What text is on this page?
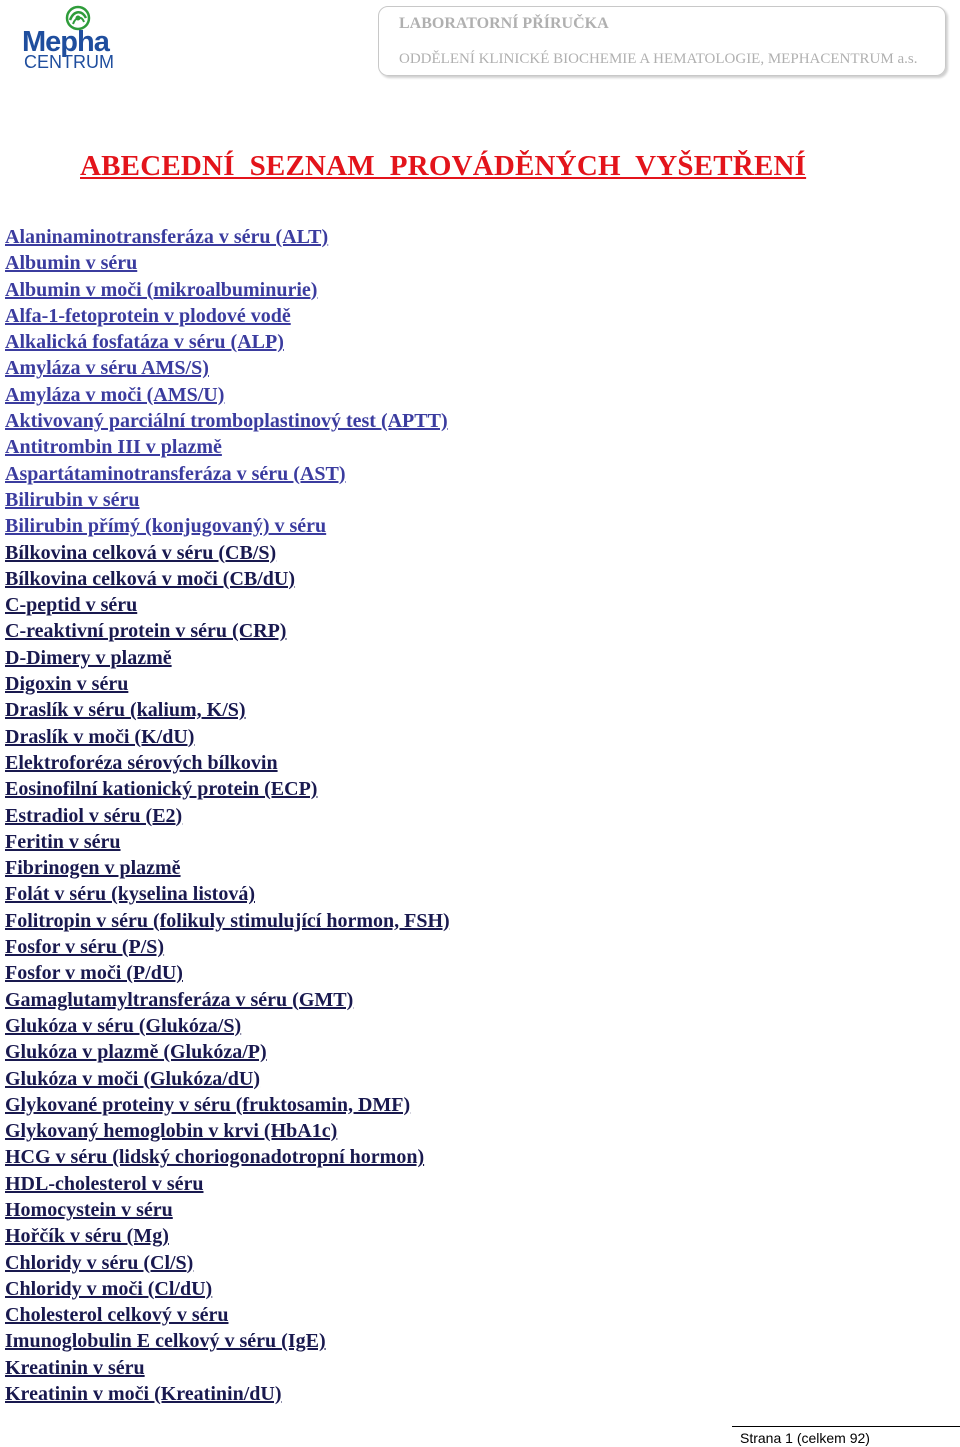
Mepha
CENTRUM
LABORATORNÍ PŘÍRUČKA
ODDĚLENÍ KLINICKÉ BIOCHEMIE A HEMATOLOGIE, MEPHACENTRUM a.s.
ABECEDNÍ  SEZNAM  PROVÁDĚNÝCH  VYŠETŘENÍ
Alaninaminotransferáza v séru (ALT)
Albumin v séru
Albumin v moči (mikroalbuminurie)
Alfa-1-fetoprotein v plodové vodě
Alkalická fosfatáza v séru (ALP)
Amyláza v séru AMS/S)
Amyláza v moči (AMS/U)
Aktivovaný parciální tromboplastinový test (APTT)
Antitrombin III v plazmě
Aspartátaminotransferáza v séru (AST)
Bilirubin v séru
Bilirubin přímý (konjugovaný) v séru
Bílkovina celková v séru (CB/S)
Bílkovina celková v moči (CB/dU)
C-peptid v séru
C-reaktivní protein v séru (CRP)
D-Dimery v plazmě
Digoxin v séru
Draslík v séru (kalium, K/S)
Draslík v moči (K/dU)
Elektroforéza sérových bílkovin
Eosinofilní kationický protein (ECP)
Estradiol v séru (E2)
Feritin v séru
Fibrinogen v plazmě
Folát v séru (kyselina listová)
Folitropin v séru (folikuly stimulující hormon, FSH)
Fosfor v séru (P/S)
Fosfor v moči (P/dU)
Gamaglutamyltransferáza v séru (GMT)
Glukóza v séru (Glukóza/S)
Glukóza v plazmě (Glukóza/P)
Glukóza v moči (Glukóza/dU)
Glykované proteiny v séru (fruktosamin, DMF)
Glykovaný hemoglobin v krvi (HbA1c)
HCG v séru (lidský choriogonadotropní hormon)
HDL-cholesterol v séru
Homocystein v séru
Hořčík v séru (Mg)
Chloridy v séru (Cl/S)
Chloridy v moči (Cl/dU)
Cholesterol celkový v séru
Imunoglobulin E celkový v séru (IgE)
Kreatinin v séru
Kreatinin v moči (Kreatinin/dU)
Strana 1 (celkem 92)
